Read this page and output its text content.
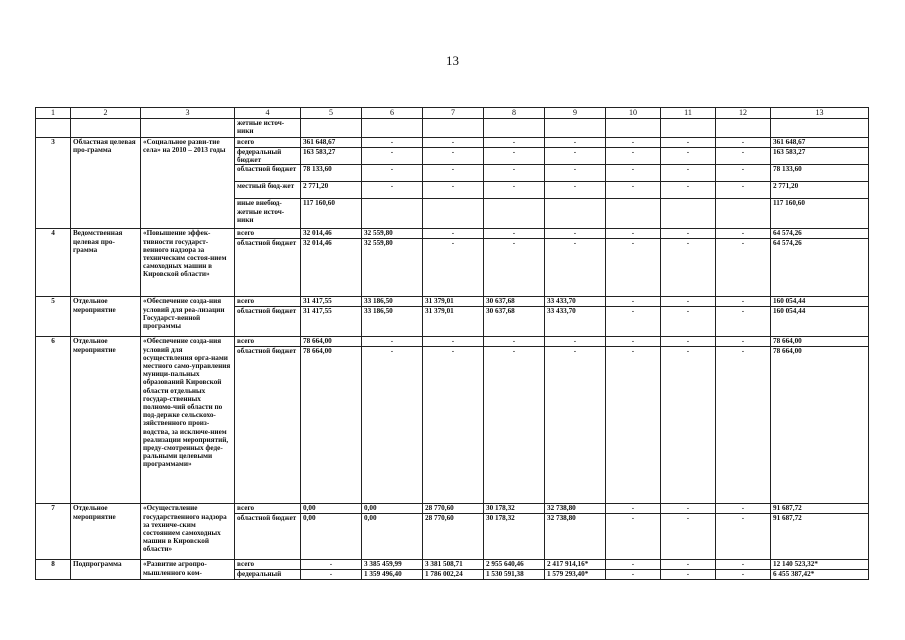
13
1	2	3	4	5	6	7	8	9	10	11	12	13
			жетные источ-ники									
3	Областная целевая про-грамма	«Социальное разви-тие села» на 2010 – 2013 годы	всего	361 648,67	-	-	-	-	-	-	-	361 648,67
			федеральный бюджет	163 583,27	-	-	-	-	-	-	-	163 583,27
			областной бюджет	78 133,60	-	-	-	-	-	-	-	78 133,60
			местный бюд-жет	2 771,20	-	-	-	-	-	-	-	2 771,20
			иные внебюд-жетные источ-ники	117 160,60								117 160,60
4	Ведомственная целевая про-грамма	«Повышение эффек-тивности государст-венного надзора за техническим состоя-нием самоходных машин в Кировской области»	всего	32 014,46	32 559,80	-	-	-	-	-	-	64 574,26
			областной бюджет	32 014,46	32 559,80	-	-	-	-	-	-	64 574,26
5	Отдельное мероприятие	«Обеспечение созда-ния условий для реа-лизации Государст-венной программы	всего	31 417,55	33 186,50	31 379,01	30 637,68	33 433,70	-	-	-	160 054,44
			областной бюджет	31 417,55	33 186,50	31 379,01	30 637,68	33 433,70	-	-	-	160 054,44
6	Отдельное мероприятие	«Обеспечение созда-ния условий для осуществления орга-нами местного само-управления муници-пальных образований Кировской области отдельных государ-ственных полномо-чий области по под-держке сельскохо-зяйственного произ-водства, за исключе-нием реализации мероприятий, преду-смотренных феде-ральными целевыми программами»	всего	78 664,00	-	-	-	-	-	-	-	78 664,00
			областной бюджет	78 664,00	-	-	-	-	-	-	-	78 664,00
7	Отдельное мероприятие	«Осуществление государственного надзора за техниче-ским состоянием самоходных машин в Кировской области»	всего	0,00	0,00	28 770,60	30 178,32	32 738,80	-	-	-	91 687,72
			областной бюджет	0,00	0,00	28 770,60	30 178,32	32 738,80	-	-	-	91 687,72
8	Подпрограмма	«Развитие агропро-мышленного ком-	всего	-	3 385 459,99	3 381 508,71	2 955 640,46	2 417 914,16*	-	-	-	12 140 523,32*
			федеральный	-	1 359 496,40	1 786 002,24	1 530 591,38	1 579 293,40*	-	-	-	6 455 387,42*
